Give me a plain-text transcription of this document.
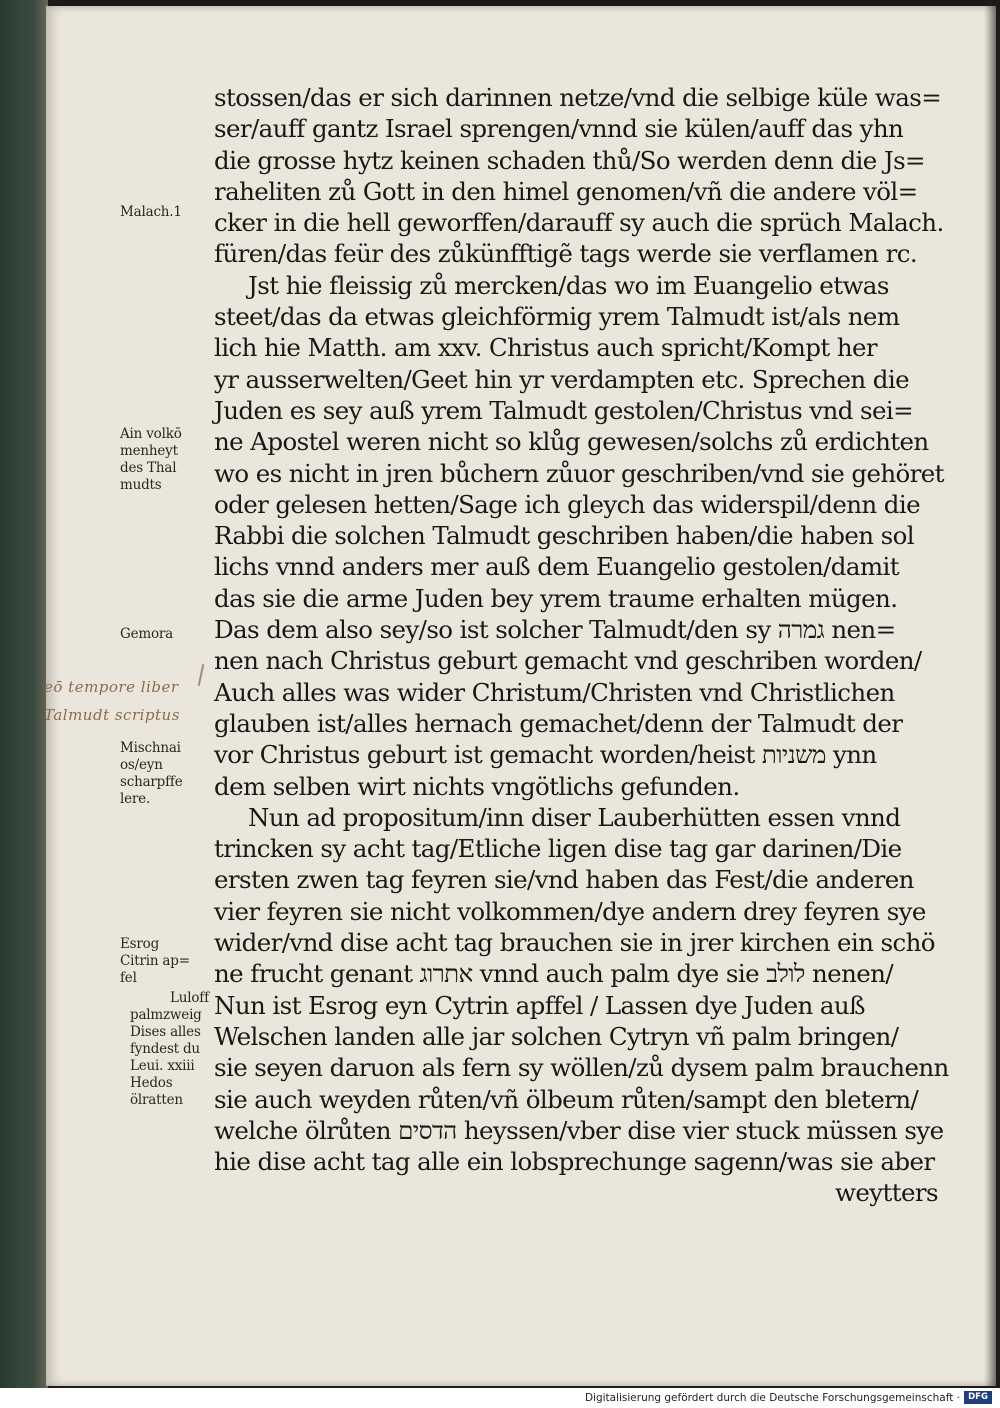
stossen/das er sich darinnen netze/vnd die selbige küle was=
ser/auff gantz Israel sprengen/vnnd sie külen/auff das yhn
die grosse hytz keinen schaden thů/So werden denn die Js=
raheliten zů Gott in den himel genomen/vñ die andere völ=
cker in die hell geworffen/darauff sy auch die sprüch Malach.
füren/das feür des zůkünfftigẽ tags werde sie verflamen rc.
Jst hie fleissig zů mercken/das wo im Euangelio etwas
steet/das da etwas gleichförmig yrem Talmudt ist/als nem
lich hie Matth. am xxv. Christus auch spricht/Kompt her
yr ausserwelten/Geet hin yr verdampten etc. Sprechen die
Juden es sey auß yrem Talmudt gestolen/Christus vnd sei=
ne Apostel weren nicht so klůg gewesen/solchs zů erdichten
wo es nicht in jren bůchern zůuor geschriben/vnd sie gehöret
oder gelesen hetten/Sage ich gleych das widerspil/denn die
Rabbi die solchen Talmudt geschriben haben/die haben sol
lichs vnnd anders mer auß dem Euangelio gestolen/damit
das sie die arme Juden bey yrem traume erhalten mügen.
Das dem also sey/so ist solcher Talmudt/den sy גמרה nen=
nen nach Christus geburt gemacht vnd geschriben worden/
Auch alles was wider Christum/Christen vnd Christlichen
glauben ist/alles hernach gemachet/denn der Talmudt der
vor Christus geburt ist gemacht worden/heist משניות ynn
dem selben wirt nichts vngötlichs gefunden.
Nun ad propositum/inn diser Lauberhütten essen vnnd
trincken sy acht tag/Etliche ligen dise tag gar darinen/Die
ersten zwen tag feyren sie/vnd haben das Fest/die anderen
vier feyren sie nicht volkommen/dye andern drey feyren sye
wider/vnd dise acht tag brauchen sie in jrer kirchen ein schö
ne frucht genant אתרוג vnnd auch palm dye sie לולב nenen/
Nun ist Esrog eyn Cytrin apffel / Lassen dye Juden auß
Welschen landen alle jar solchen Cytryn vñ palm bringen/
sie seyen daruon als fern sy wöllen/zů dysem palm brauchenn
sie auch weyden růten/vñ ölbeum růten/sampt den bletern/
welche ölrůten הדסים heyssen/vber dise vier stuck müssen sye
hie dise acht tag alle ein lobsprechunge sagenn/was sie aber
weytters
Malach.1
Ain volkō
menheyt
des Thal
mudts
Gemora
Mischnai
os/eyn
scharpffe
lere.
Esrog
Citrin ap=
fel
Luloff
palmzweig
Dises alles
fyndest du
Leui. xxiii
Hedos
ölratten
eō tempore liber
Talmudt scriptus
Digitalisierung gefördert durch die Deutsche Forschungsgemeinschaft · DFG
